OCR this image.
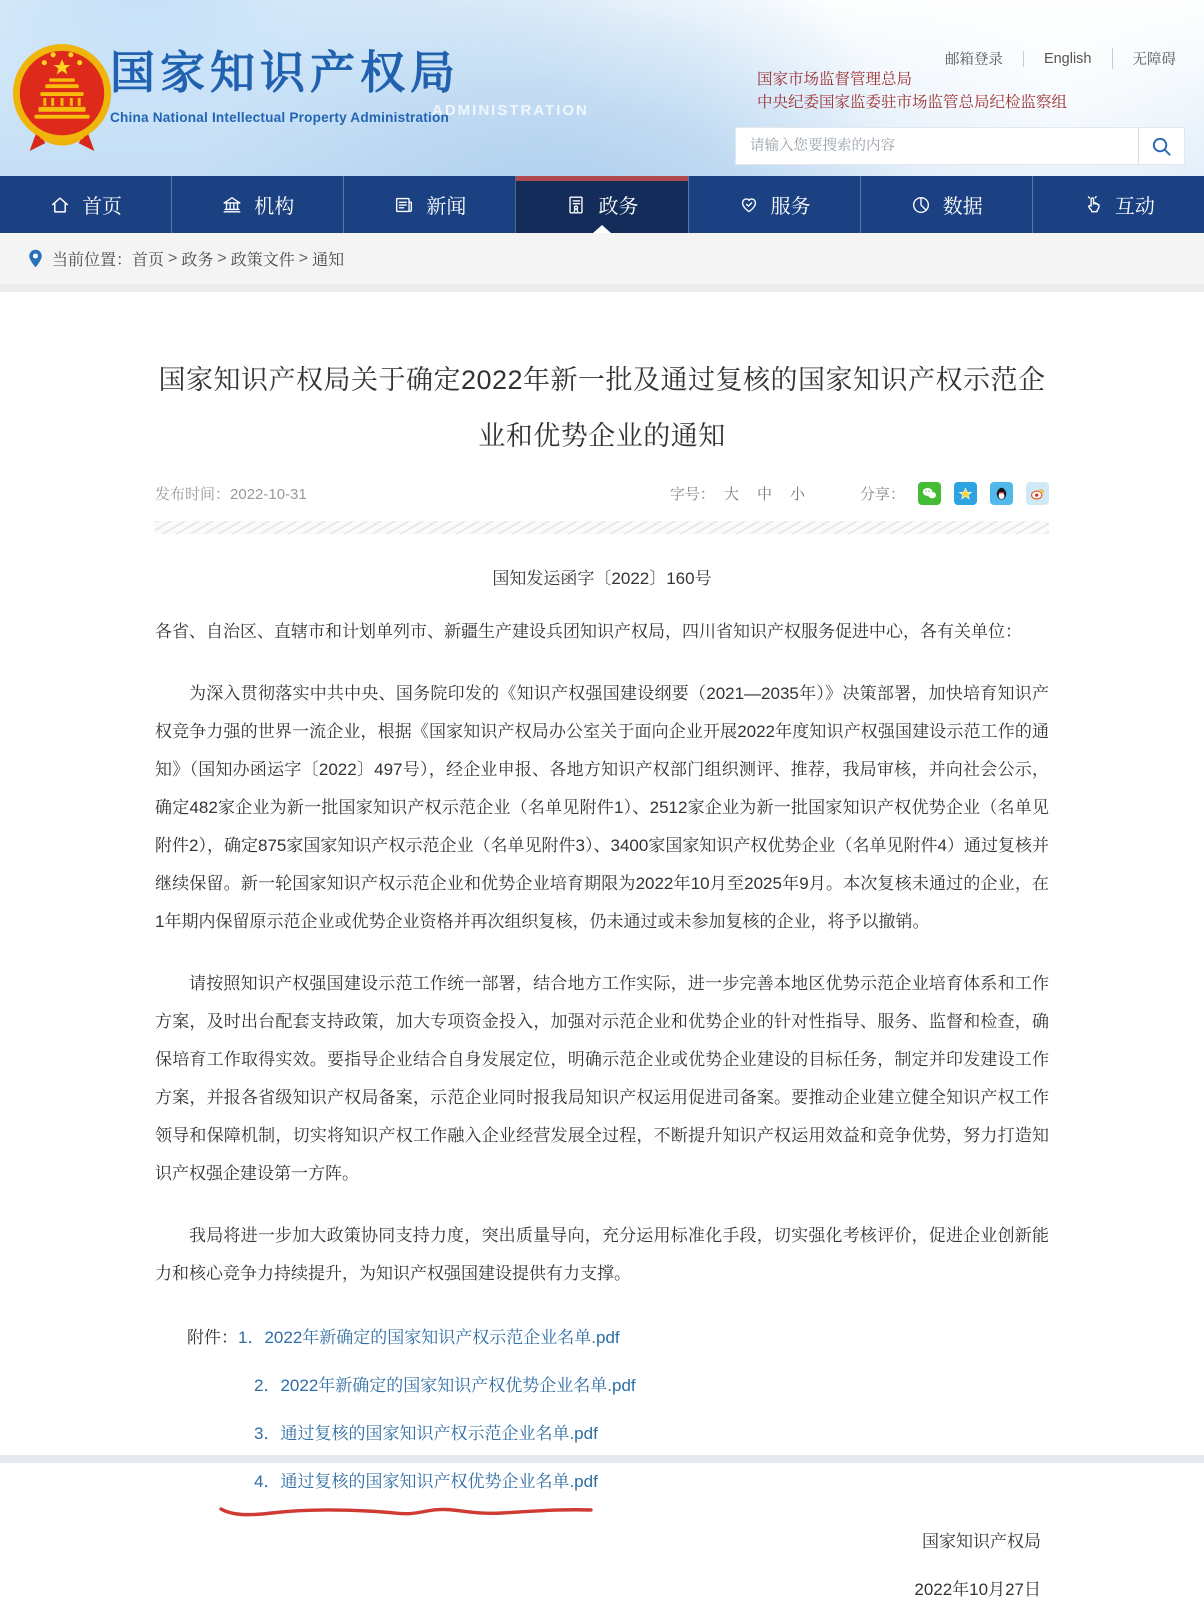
国家知识产权局
China National Intellectual Property Administration
ADMINISTRATION
邮箱登录	English	无障碍
国家市场监督管理总局
中央纪委国家监委驻市场监管总局纪检监察组
请输入您要搜索的内容
首页	机构	新闻	政务	服务	数据	互动
当前位置： 首页 > 政务 > 政策文件 > 通知
国家知识产权局关于确定2022年新一批及通过复核的国家知识产权示范企业和优势企业的通知
发布时间：2022-10-31	字号： 大 中 小	分享：
国知发运函字〔2022〕160号

各省、自治区、直辖市和计划单列市、新疆生产建设兵团知识产权局，四川省知识产权服务促进中心，各有关单位：

为深入贯彻落实中共中央、国务院印发的《知识产权强国建设纲要（2021—2035年）》决策部署，加快培育知识产权竞争力强的世界一流企业，根据《国家知识产权局办公室关于面向企业开展2022年度知识产权强国建设示范工作的通知》（国知办函运字〔2022〕497号），经企业申报、各地方知识产权部门组织测评、推荐，我局审核，并向社会公示，确定482家企业为新一批国家知识产权示范企业（名单见附件1）、2512家企业为新一批国家知识产权优势企业（名单见附件2），确定875家国家知识产权示范企业（名单见附件3）、3400家国家知识产权优势企业（名单见附件4）通过复核并继续保留。新一轮国家知识产权示范企业和优势企业培育期限为2022年10月至2025年9月。本次复核未通过的企业，在1年期内保留原示范企业或优势企业资格并再次组织复核，仍未通过或未参加复核的企业，将予以撤销。

请按照知识产权强国建设示范工作统一部署，结合地方工作实际，进一步完善本地区优势示范企业培育体系和工作方案，及时出台配套支持政策，加大专项资金投入，加强对示范企业和优势企业的针对性指导、服务、监督和检查，确保培育工作取得实效。要指导企业结合自身发展定位，明确示范企业或优势企业建设的目标任务，制定并印发建设工作方案，并报各省级知识产权局备案，示范企业同时报我局知识产权运用促进司备案。要推动企业建立健全知识产权工作领导和保障机制，切实将知识产权工作融入企业经营发展全过程，不断提升知识产权运用效益和竞争优势，努力打造知识产权强企建设第一方阵。

我局将进一步加大政策协同支持力度，突出质量导向，充分运用标准化手段，切实强化考核评价，促进企业创新能力和核心竞争力持续提升，为知识产权强国建设提供有力支撑。

附件：1．2022年新确定的国家知识产权示范企业名单.pdf
2．2022年新确定的国家知识产权优势企业名单.pdf
3．通过复核的国家知识产权示范企业名单.pdf
4．通过复核的国家知识产权优势企业名单.pdf
国家知识产权局
2022年10月27日
